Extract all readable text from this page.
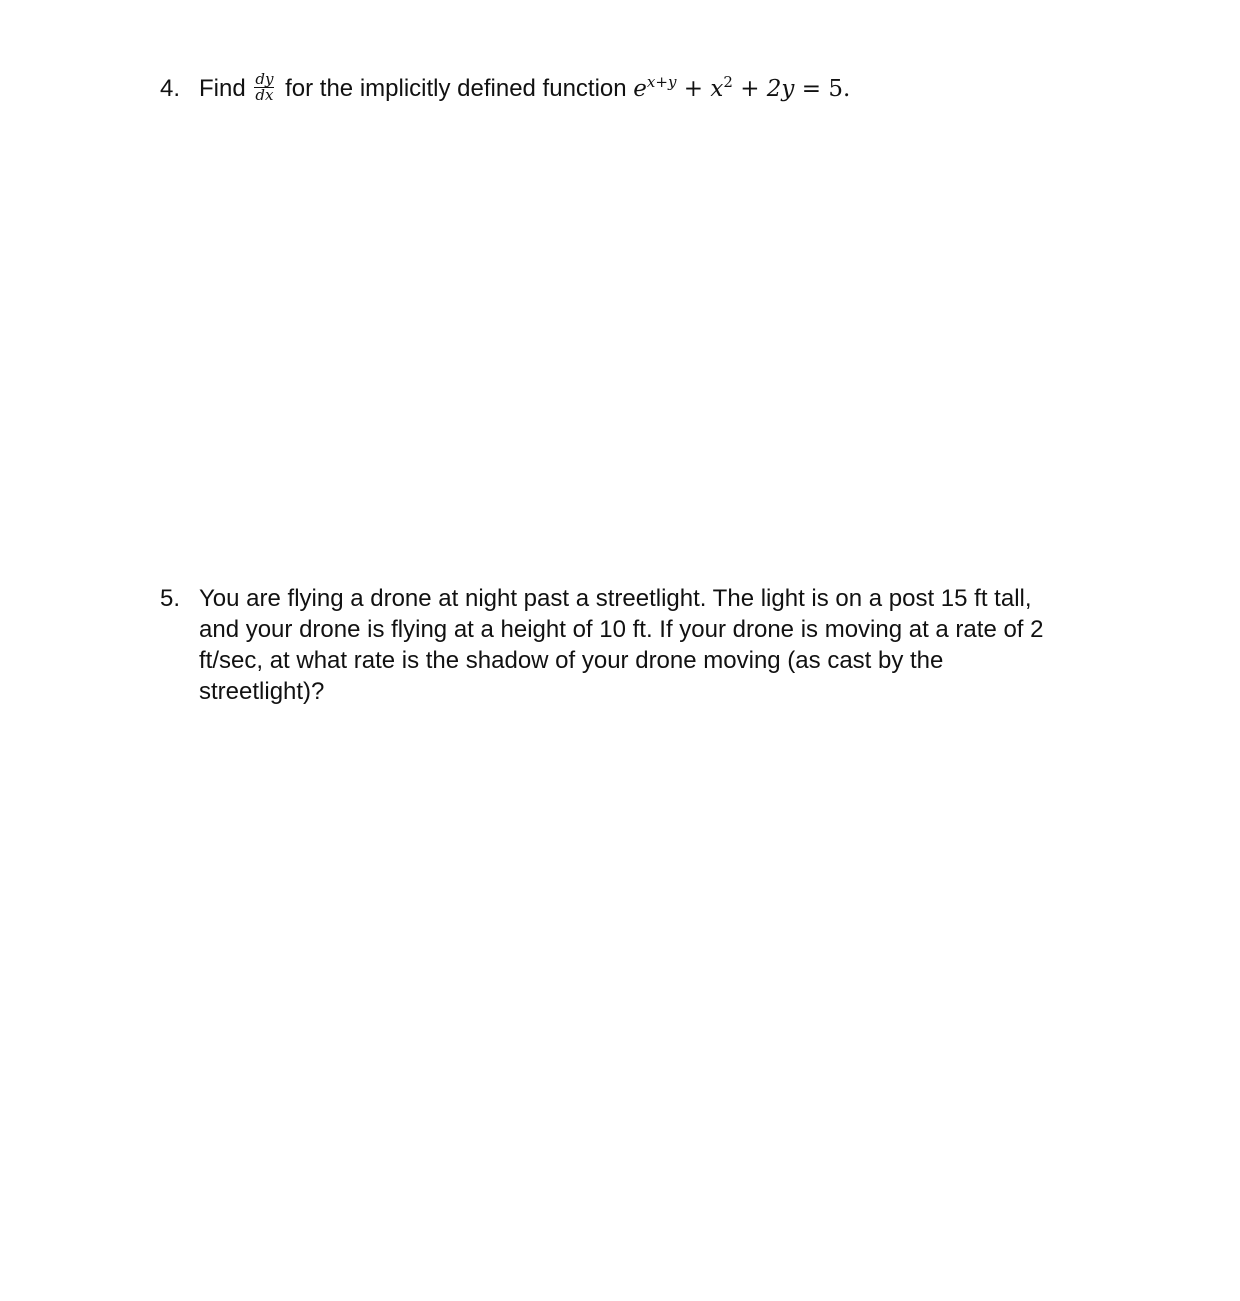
4. Find $\frac{dy}{dx}$ for the implicitly defined function $e^{x+y} + x^2 + 2y = 5$.
5. You are flying a drone at night past a streetlight. The light is on a post 15 ft tall,
and your drone is flying at a height of 10 ft. If your drone is moving at a rate of 2
ft/sec, at what rate is the shadow of your drone moving (as cast by the
streetlight)?
